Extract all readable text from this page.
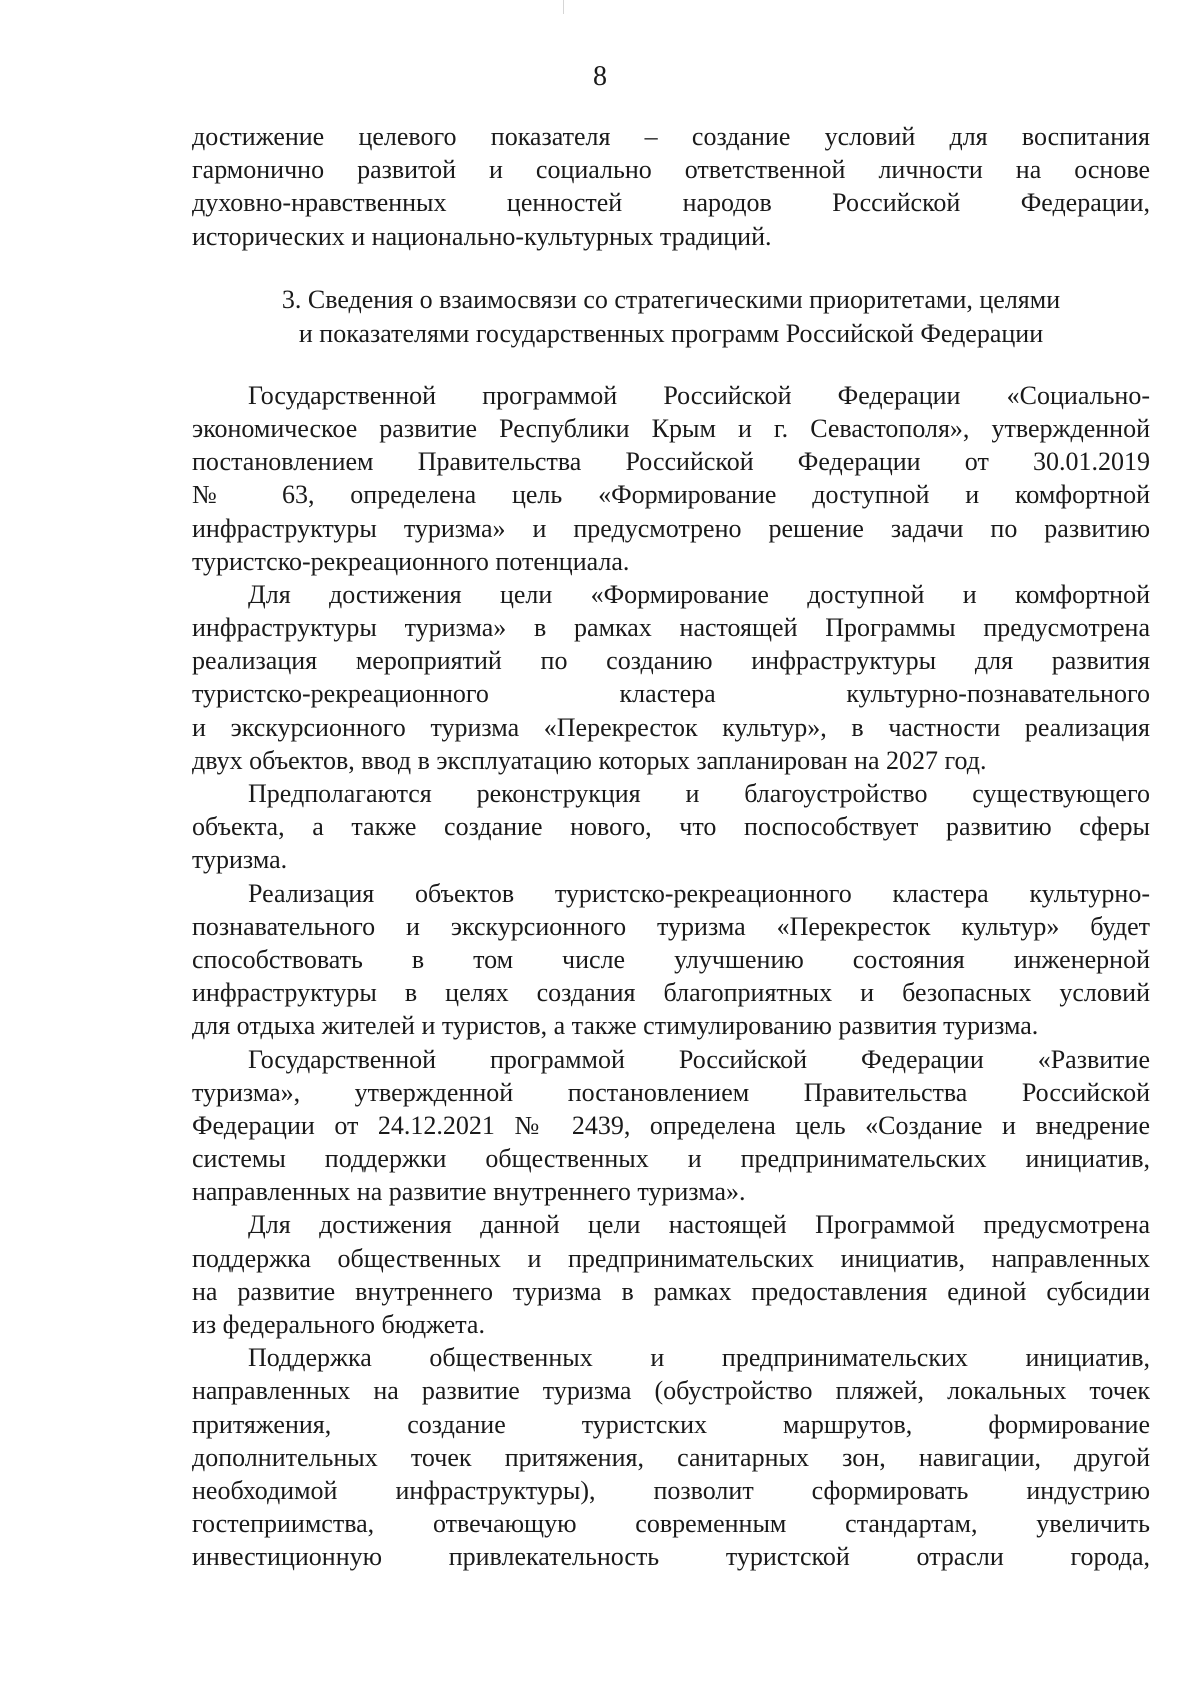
8
достижение целевого показателя – создание условий для воспитания
гармонично развитой и социально ответственной личности на основе
духовно-нравственных ценностей народов Российской Федерации,
исторических и национально-культурных традиций.
3. Сведения о взаимосвязи со стратегическими приоритетами, целями
и показателями государственных программ Российской Федерации
Государственной программой Российской Федерации «Социально-
экономическое развитие Республики Крым и г. Севастополя», утвержденной
постановлением Правительства Российской Федерации от 30.01.2019
№ 63, определена цель «Формирование доступной и комфортной
инфраструктуры туризма» и предусмотрено решение задачи по развитию
туристско-рекреационного потенциала.
Для достижения цели «Формирование доступной и комфортной
инфраструктуры туризма» в рамках настоящей Программы предусмотрена
реализация мероприятий по созданию инфраструктуры для развития
туристско-рекреационного кластера культурно-познавательного
и экскурсионного туризма «Перекресток культур», в частности реализация
двух объектов, ввод в эксплуатацию которых запланирован на 2027 год.
Предполагаются реконструкция и благоустройство существующего
объекта, а также создание нового, что поспособствует развитию сферы
туризма.
Реализация объектов туристско-рекреационного кластера культурно-
познавательного и экскурсионного туризма «Перекресток культур» будет
способствовать в том числе улучшению состояния инженерной
инфраструктуры в целях создания благоприятных и безопасных условий
для отдыха жителей и туристов, а также стимулированию развития туризма.
Государственной программой Российской Федерации «Развитие
туризма», утвержденной постановлением Правительства Российской
Федерации от 24.12.2021 № 2439, определена цель «Создание и внедрение
системы поддержки общественных и предпринимательских инициатив,
направленных на развитие внутреннего туризма».
Для достижения данной цели настоящей Программой предусмотрена
поддержка общественных и предпринимательских инициатив, направленных
на развитие внутреннего туризма в рамках предоставления единой субсидии
из федерального бюджета.
Поддержка общественных и предпринимательских инициатив,
направленных на развитие туризма (обустройство пляжей, локальных точек
притяжения, создание туристских маршрутов, формирование
дополнительных точек притяжения, санитарных зон, навигации, другой
необходимой инфраструктуры), позволит сформировать индустрию
гостеприимства, отвечающую современным стандартам, увеличить
инвестиционную привлекательность туристской отрасли города,
